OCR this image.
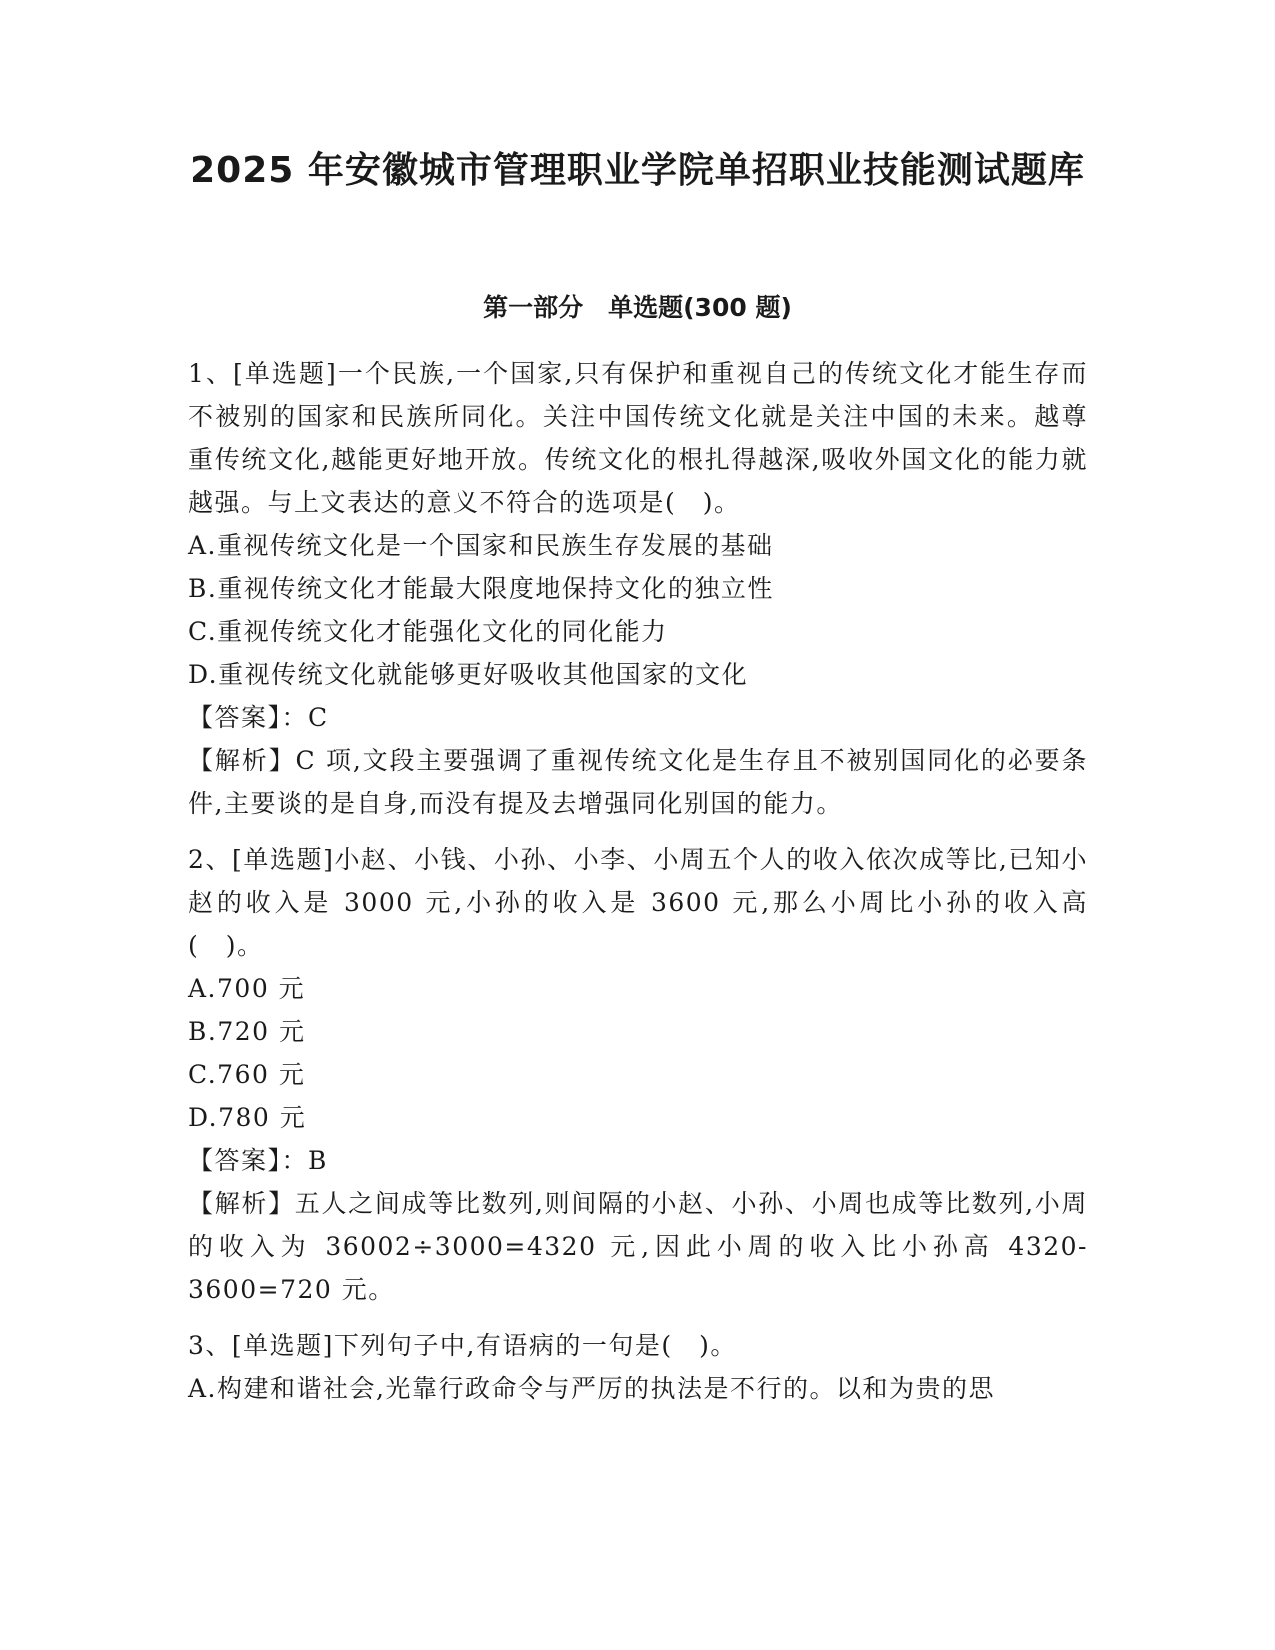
2025 年安徽城市管理职业学院单招职业技能测试题库
第一部分　单选题(300 题)

1、[单选题]一个民族,一个国家,只有保护和重视自己的传统文化才能生存而不被别的国家和民族所同化。关注中国传统文化就是关注中国的未来。越尊重传统文化,越能更好地开放。传统文化的根扎得越深,吸收外国文化的能力就越强。与上文表达的意义不符合的选项是(　)。

A.重视传统文化是一个国家和民族生存发展的基础

B.重视传统文化才能最大限度地保持文化的独立性

C.重视传统文化才能强化文化的同化能力

D.重视传统文化就能够更好吸收其他国家的文化

【答案】：C

【解析】C 项,文段主要强调了重视传统文化是生存且不被别国同化的必要条件,主要谈的是自身,而没有提及去增强同化别国的能力。

2、[单选题]小赵、小钱、小孙、小李、小周五个人的收入依次成等比,已知小赵的收入是 3000 元,小孙的收入是 3600 元,那么小周比小孙的收入高(　)。

A.700 元

B.720 元

C.760 元

D.780 元

【答案】：B

【解析】五人之间成等比数列,则间隔的小赵、小孙、小周也成等比数列,小周的收入为 36002÷3000=4320 元,因此小周的收入比小孙高 4320-3600=720 元。

3、[单选题]下列句子中,有语病的一句是(　)。

A.构建和谐社会,光靠行政命令与严厉的执法是不行的。以和为贵的思
